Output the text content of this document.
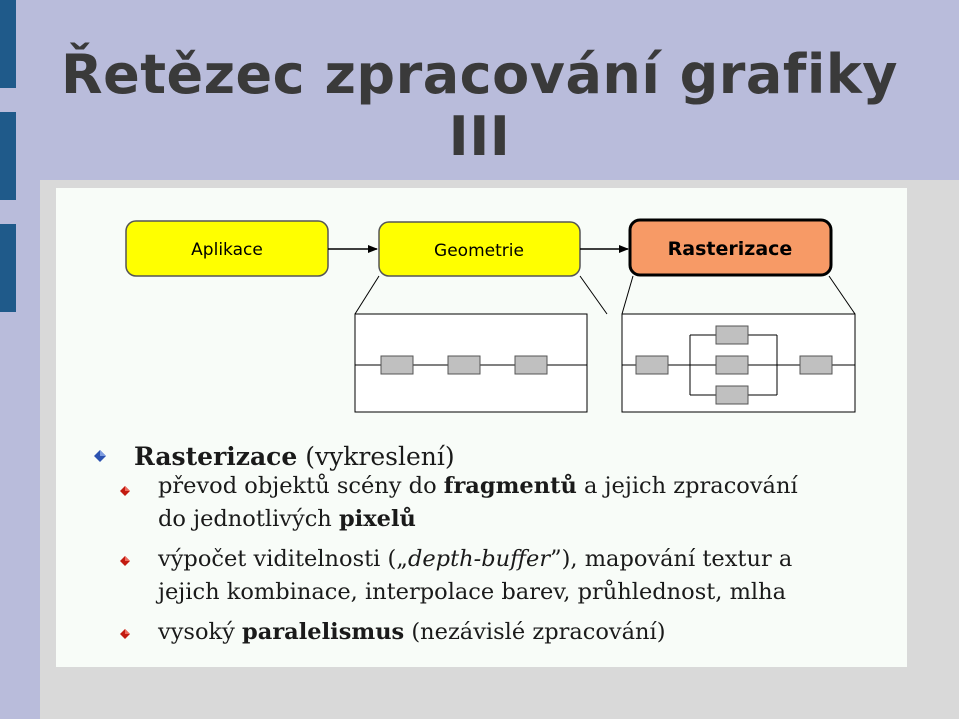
Řetězec zpracování grafiky
III
Aplikace	Geometrie	Rasterizace
Rasterizace (vykreslení)
převod objektů scény do fragmentů a jejich zpracování
do jednotlivých pixelů
výpočet viditelnosti („depth-buffer”), mapování textur a
jejich kombinace, interpolace barev, průhlednost, mlha
vysoký paralelismus (nezávislé zpracování)
